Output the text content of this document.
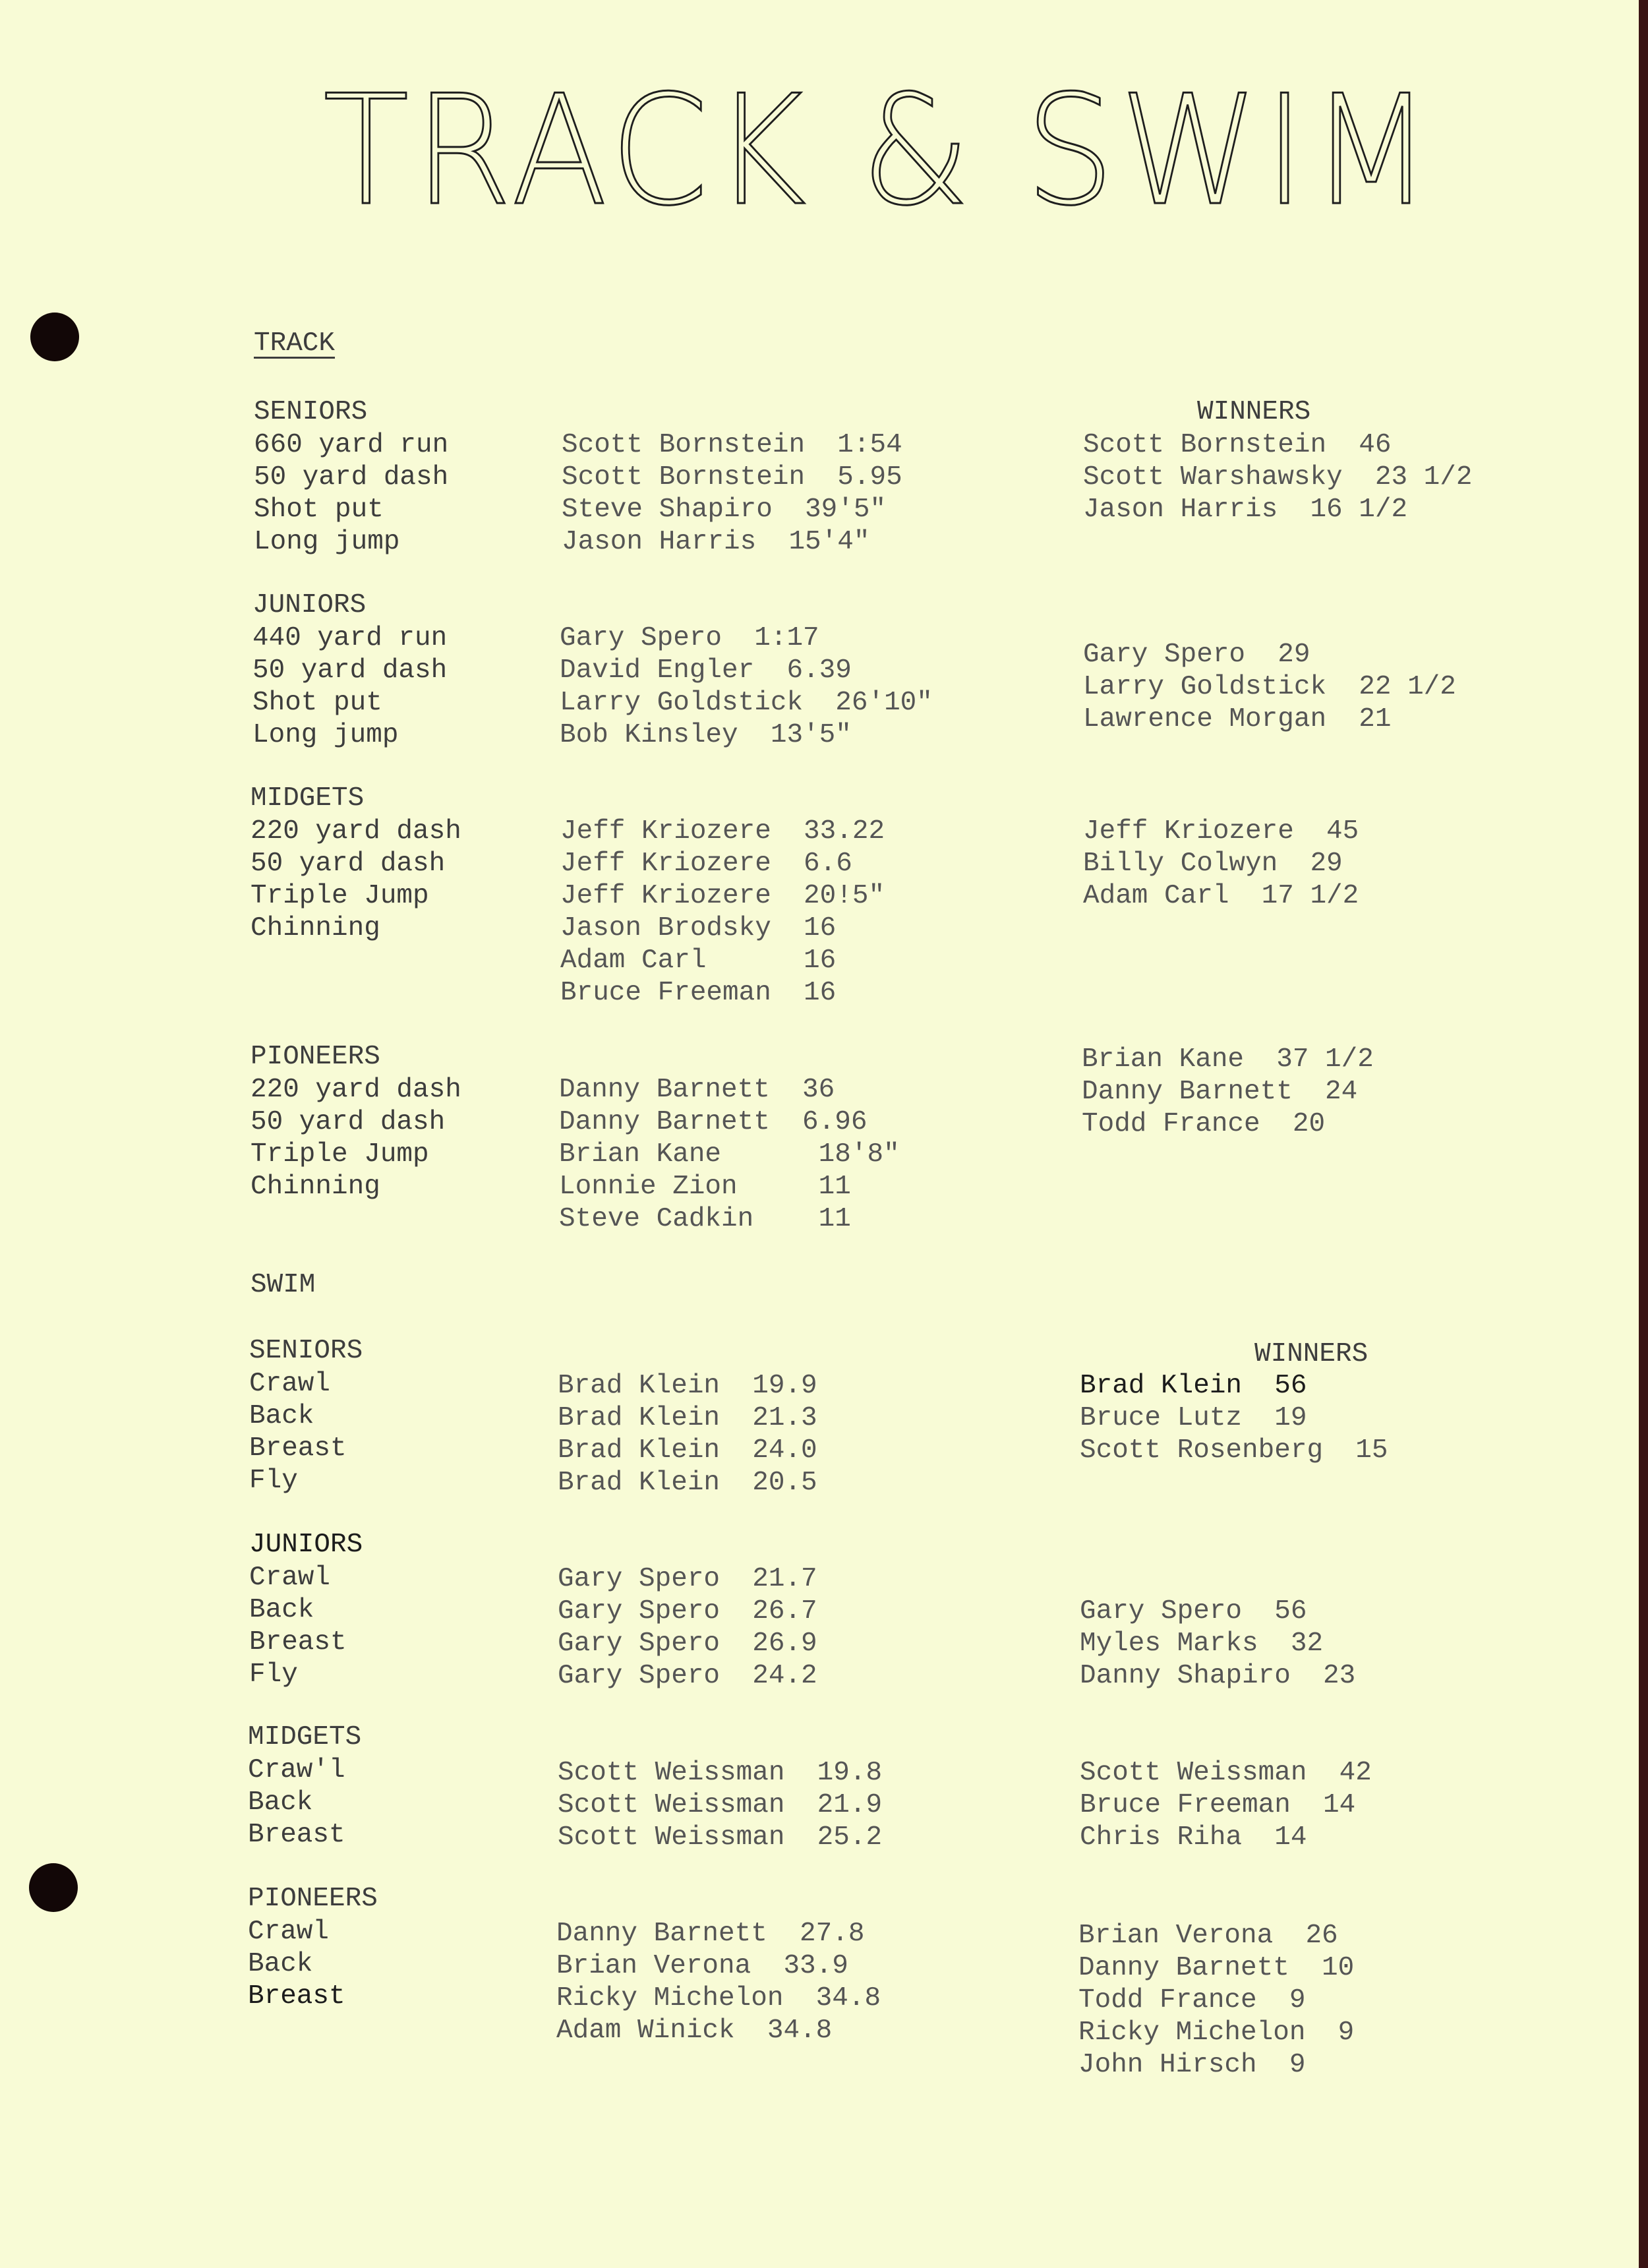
TRACK & SWIM
TRACK
SENIORS	WINNERS
660 yard run
50 yard dash
Shot put
Long jump
Scott Bornstein  1:54
Scott Bornstein  5.95
Steve Shapiro  39'5"
Jason Harris  15'4"
Scott Bornstein  46
Scott Warshawsky  23 1/2
Jason Harris  16 1/2
JUNIORS
440 yard run
50 yard dash
Shot put
Long jump
Gary Spero  1:17
David Engler  6.39
Larry Goldstick  26'10"
Bob Kinsley  13'5"
Gary Spero  29
Larry Goldstick  22 1/2
Lawrence Morgan  21
MIDGETS
220 yard dash
50 yard dash
Triple Jump
Chinning
Jeff Kriozere  33.22
Jeff Kriozere  6.6
Jeff Kriozere  20!5"
Jason Brodsky  16
Adam Carl      16
Bruce Freeman  16
Jeff Kriozere  45
Billy Colwyn  29
Adam Carl  17 1/2
PIONEERS
220 yard dash
50 yard dash
Triple Jump
Chinning
Danny Barnett  36
Danny Barnett  6.96
Brian Kane      18'8"
Lonnie Zion     11
Steve Cadkin    11
Brian Kane  37 1/2
Danny Barnett  24
Todd France  20
SWIM
SENIORS	WINNERS
Crawl
Back
Breast
Fly
Brad Klein  19.9
Brad Klein  21.3
Brad Klein  24.0
Brad Klein  20.5
Brad Klein  56
Bruce Lutz  19
Scott Rosenberg  15
JUNIORS
Crawl
Back
Breast
Fly
Gary Spero  21.7
Gary Spero  26.7
Gary Spero  26.9
Gary Spero  24.2
Gary Spero  56
Myles Marks  32
Danny Shapiro  23
MIDGETS
Craw'l
Back
Breast
Scott Weissman  19.8
Scott Weissman  21.9
Scott Weissman  25.2
Scott Weissman  42
Bruce Freeman  14
Chris Riha  14
PIONEERS
Crawl
Back
Breast
Danny Barnett  27.8
Brian Verona  33.9
Ricky Michelon  34.8
Adam Winick  34.8
Brian Verona  26
Danny Barnett  10
Todd France  9
Ricky Michelon  9
John Hirsch  9
